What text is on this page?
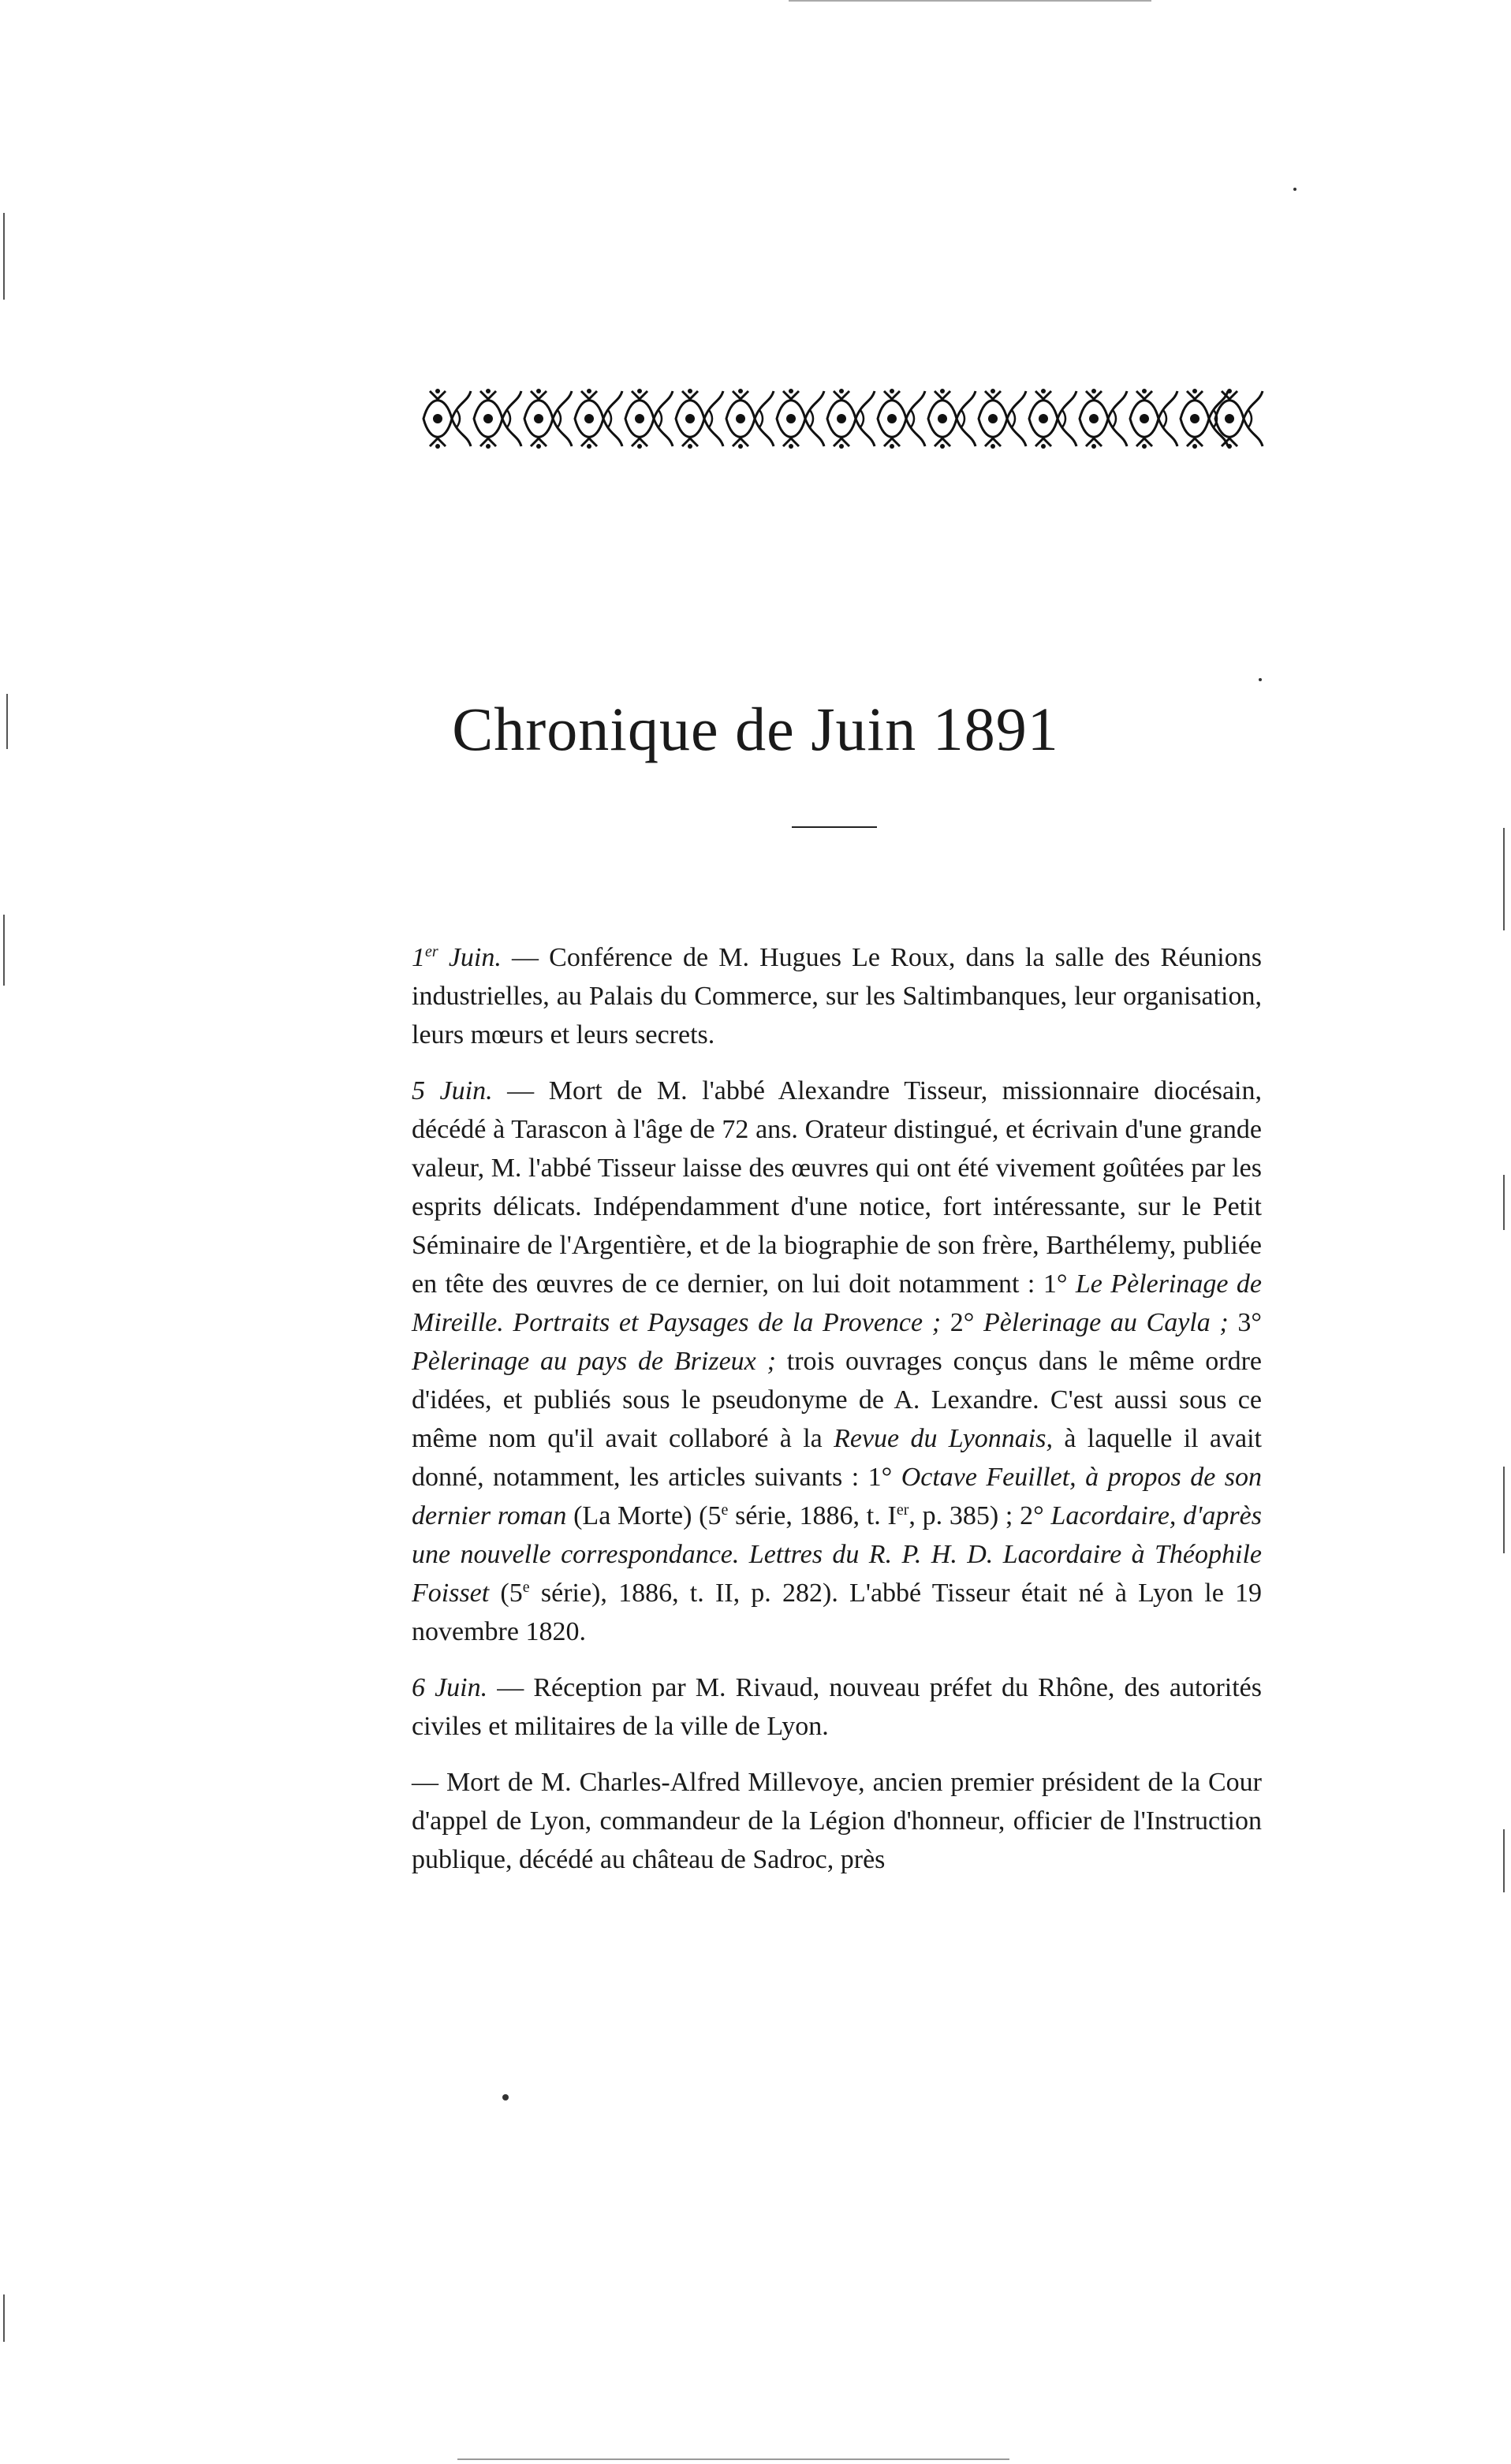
Chronique de Juin 1891

1er Juin. — Conférence de M. Hugues Le Roux, dans la salle des Réunions industrielles, au Palais du Commerce, sur les Saltimbanques, leur organisation, leurs mœurs et leurs secrets.

5 Juin. — Mort de M. l'abbé Alexandre Tisseur, missionnaire diocésain, décédé à Tarascon à l'âge de 72 ans. Orateur distingué, et écrivain d'une grande valeur, M. l'abbé Tisseur laisse des œuvres qui ont été vivement goûtées par les esprits délicats. Indépendamment d'une notice, fort intéressante, sur le Petit Séminaire de l'Argentière, et de la biographie de son frère, Barthélemy, publiée en tête des œuvres de ce dernier, on lui doit notamment : 1° Le Pèlerinage de Mireille. Portraits et Paysages de la Provence ; 2° Pèlerinage au Cayla ; 3° Pèlerinage au pays de Brizeux ; trois ouvrages conçus dans le même ordre d'idées, et publiés sous le pseudonyme de A. Lexandre. C'est aussi sous ce même nom qu'il avait collaboré à la Revue du Lyonnais, à laquelle il avait donné, notamment, les articles suivants : 1° Octave Feuillet, à propos de son dernier roman (La Morte) (5e série, 1886, t. Ier, p. 385) ; 2° Lacordaire, d'après une nouvelle correspondance. Lettres du R. P. H. D. Lacordaire à Théophile Foisset (5e série), 1886, t. II, p. 282). L'abbé Tisseur était né à Lyon le 19 novembre 1820.

6 Juin. — Réception par M. Rivaud, nouveau préfet du Rhône, des autorités civiles et militaires de la ville de Lyon.

— Mort de M. Charles-Alfred Millevoye, ancien premier président de la Cour d'appel de Lyon, commandeur de la Légion d'honneur, officier de l'Instruction publique, décédé au château de Sadroc, près
